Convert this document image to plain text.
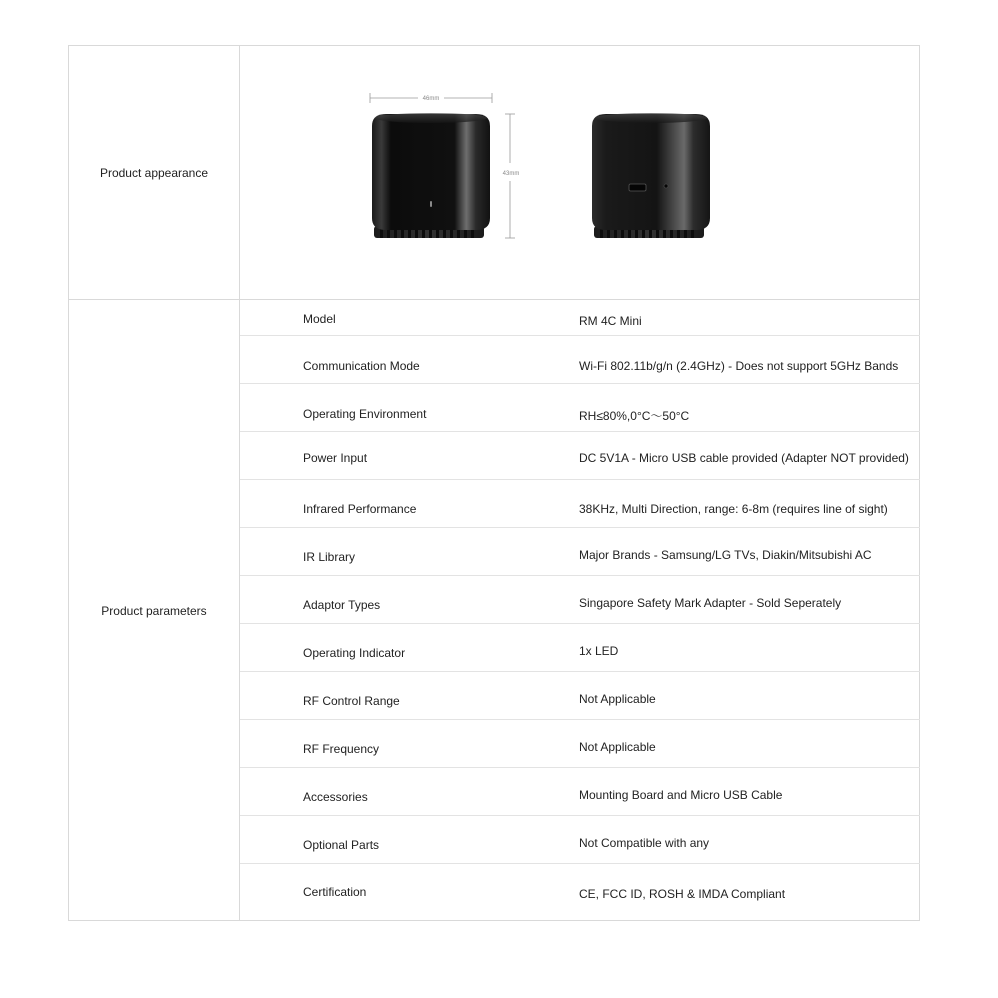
Product appearance
Product parameters
46mm
43mm
Model	RM 4C Mini
Communication Mode	Wi-Fi 802.11b/g/n (2.4GHz) - Does not support 5GHz Bands
Operating Environment	RH≤80%,0°C～50°C
Power Input	DC 5V1A - Micro USB cable provided (Adapter NOT provided)
Infrared Performance	38KHz, Multi Direction, range: 6-8m (requires line of sight)
IR Library	Major Brands - Samsung/LG TVs, Diakin/Mitsubishi AC
Adaptor Types	Singapore Safety Mark Adapter - Sold Seperately
Operating Indicator	1x LED
RF Control Range	Not Applicable
RF Frequency	Not Applicable
Accessories	Mounting Board and Micro USB Cable
Optional Parts	Not Compatible with any
Certification	CE, FCC ID, ROSH & IMDA Compliant
